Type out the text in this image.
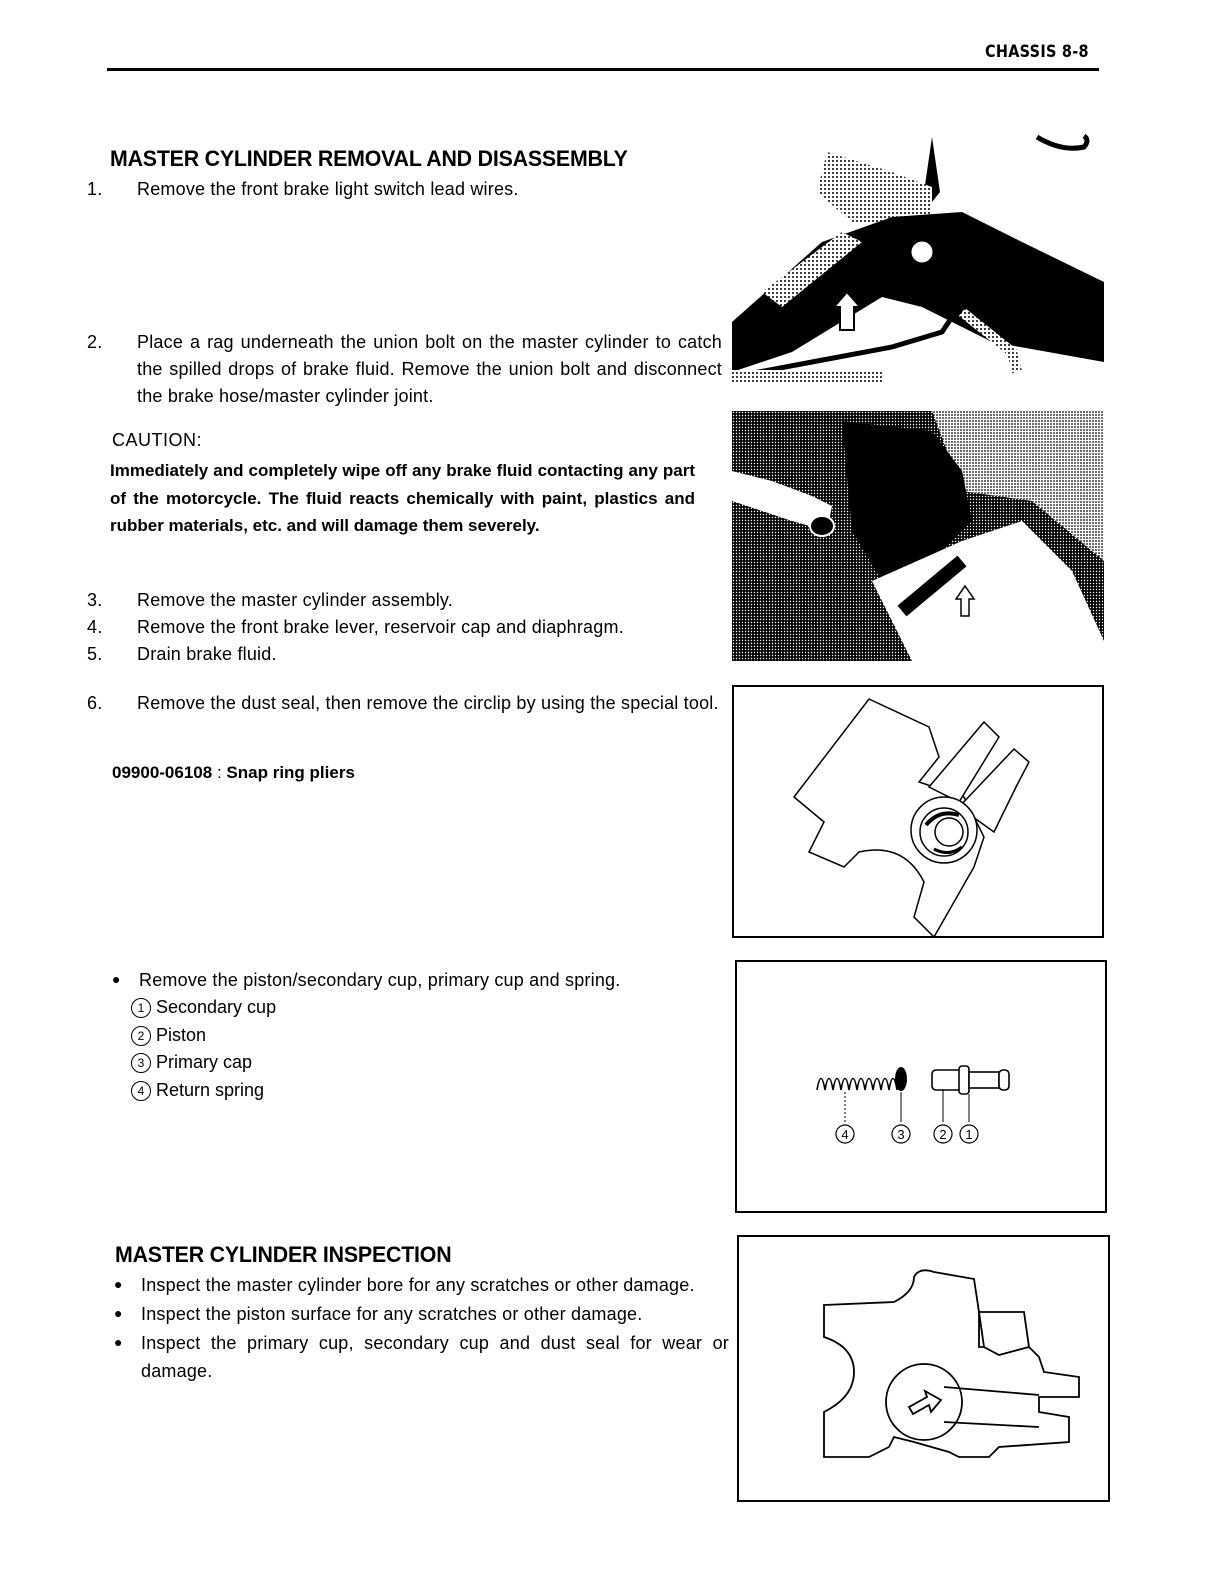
CHASSIS 8-8
MASTER CYLINDER REMOVAL AND DISASSEMBLY
1. Remove the front brake light switch lead wires.
2. Place a rag underneath the union bolt on the master cylinder to catch the spilled drops of brake fluid. Remove the union bolt and disconnect the brake hose/master cylinder joint.
CAUTION:
Immediately and completely wipe off any brake fluid contacting any part of the motorcycle. The fluid reacts chemically with paint, plastics and rubber materials, etc. and will damage them severely.
3. Remove the master cylinder assembly.
4. Remove the front brake lever, reservoir cap and diaphragm.
5. Drain brake fluid.
6. Remove the dust seal, then remove the circlip by using the special tool.
09900-06108 : Snap ring pliers
● Remove the piston/secondary cup, primary cup and spring.
1 Secondary cup
2 Piston
3 Primary cap
4 Return spring
MASTER CYLINDER INSPECTION
● Inspect the master cylinder bore for any scratches or other damage.
● Inspect the piston surface for any scratches or other damage.
● Inspect the primary cup, secondary cup and dust seal for wear or damage.
4	3	2 1
